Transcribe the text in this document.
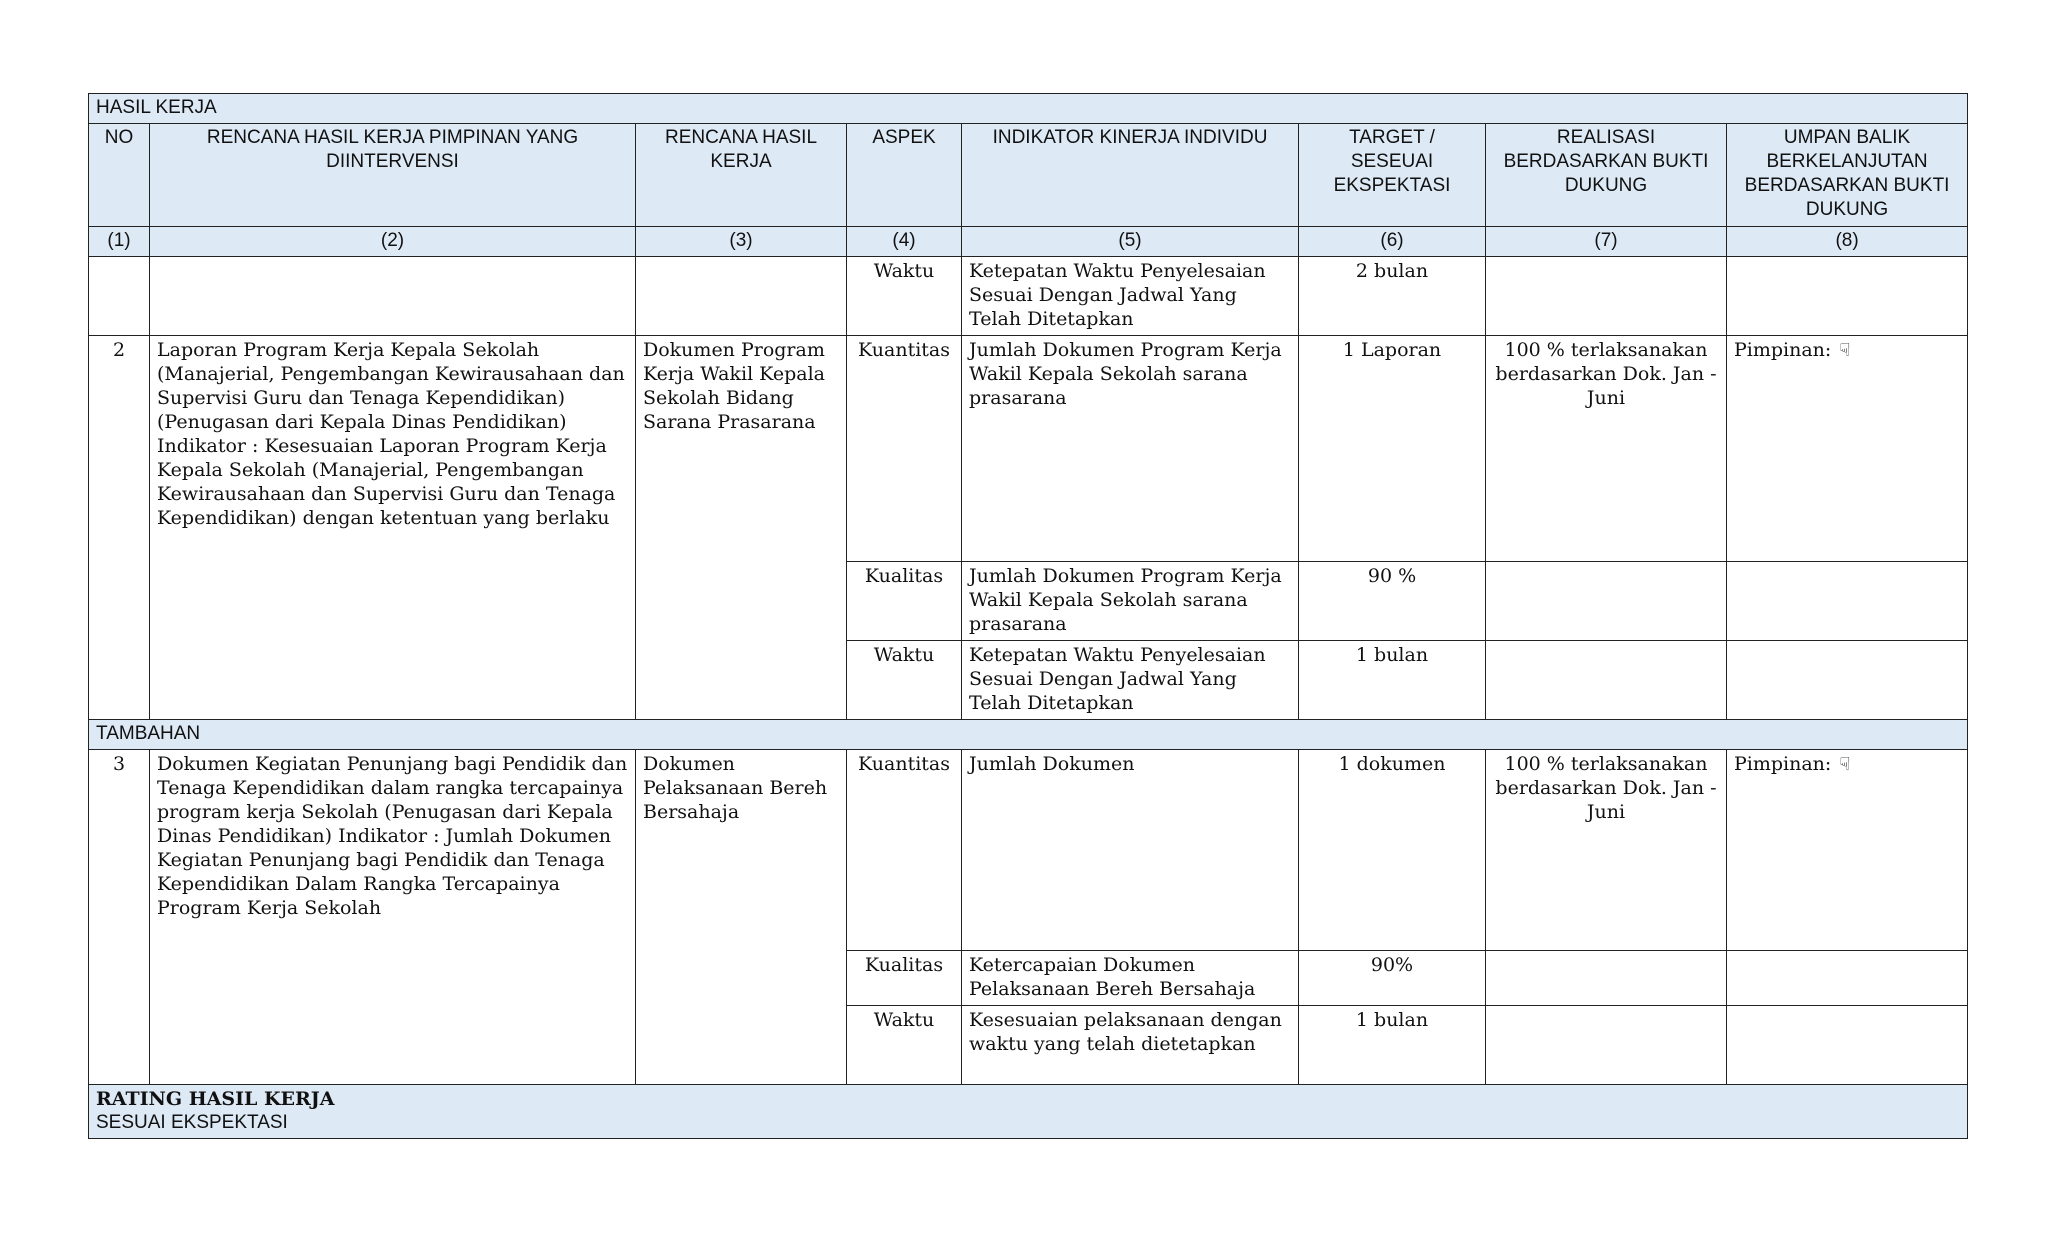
HASIL KERJA							
NO	RENCANA HASIL KERJA PIMPINAN YANG DIINTERVENSI	RENCANA HASIL KERJA	ASPEK	INDIKATOR KINERJA INDIVIDU	TARGET / SESEUAI EKSPEKTASI	REALISASI BERDASARKAN BUKTI DUKUNG	UMPAN BALIK BERKELANJUTAN BERDASARKAN BUKTI DUKUNG
(1)	(2)	(3)	(4)	(5)	(6)	(7)	(8)
			Waktu	Ketepatan Waktu Penyelesaian Sesuai Dengan Jadwal Yang Telah Ditetapkan	2 bulan		
2	Laporan Program Kerja Kepala Sekolah (Manajerial, Pengembangan Kewirausahaan dan Supervisi Guru dan Tenaga Kependidikan) (Penugasan dari Kepala Dinas Pendidikan) Indikator : Kesesuaian Laporan Program Kerja Kepala Sekolah (Manajerial, Pengembangan Kewirausahaan dan Supervisi Guru dan Tenaga Kependidikan) dengan ketentuan yang berlaku	Dokumen Program Kerja Wakil Kepala Sekolah Bidang Sarana Prasarana	Kuantitas	Jumlah Dokumen Program Kerja Wakil Kepala Sekolah sarana prasarana	1 Laporan	100 % terlaksanakan berdasarkan Dok. Jan - Juni	Pimpinan: ☟
			Kualitas	Jumlah Dokumen Program Kerja Wakil Kepala Sekolah sarana prasarana	90 %		
			Waktu	Ketepatan Waktu Penyelesaian Sesuai Dengan Jadwal Yang Telah Ditetapkan	1 bulan		
TAMBAHAN							
3	Dokumen Kegiatan Penunjang bagi Pendidik dan Tenaga Kependidikan dalam rangka tercapainya program kerja Sekolah (Penugasan dari Kepala Dinas Pendidikan) Indikator : Jumlah Dokumen Kegiatan Penunjang bagi Pendidik dan Tenaga Kependidikan Dalam Rangka Tercapainya Program Kerja Sekolah	Dokumen Pelaksanaan Bereh Bersahaja	Kuantitas	Jumlah Dokumen	1 dokumen	100 % terlaksanakan berdasarkan Dok. Jan - Juni	Pimpinan: ☟
			Kualitas	Ketercapaian Dokumen Pelaksanaan Bereh Bersahaja	90%		
			Waktu	Kesesuaian pelaksanaan dengan waktu yang telah dietetapkan	1 bulan		

RATING HASIL KERJA
SESUAI EKSPEKTASI							
